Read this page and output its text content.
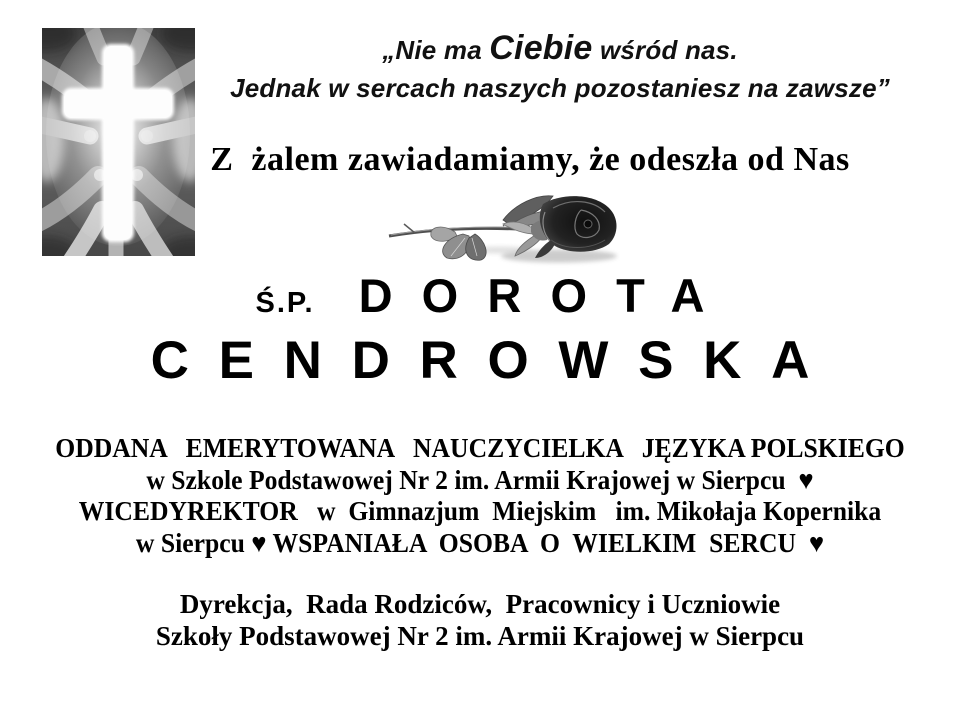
„Nie ma Ciebie wśród nas.
Jednak w sercach naszych pozostaniesz na zawsze”
Z  żalem zawiadamiamy, że odeszła od Nas
Ś.P. DOROTA
CENDROWSKA
ODDANA   EMERYTOWANA   NAUCZYCIELKA   JĘZYKA POLSKIEGO
w Szkole Podstawowej Nr 2 im. Armii Krajowej w Sierpcu  ♥
WICEDYREKTOR   w  Gimnazjum  Miejskim   im. Mikołaja Kopernika
w Sierpcu ♥ WSPANIAŁA  OSOBA  O  WIELKIM  SERCU  ♥
Dyrekcja,  Rada Rodziców,  Pracownicy i Uczniowie
Szkoły Podstawowej Nr 2 im. Armii Krajowej w Sierpcu
